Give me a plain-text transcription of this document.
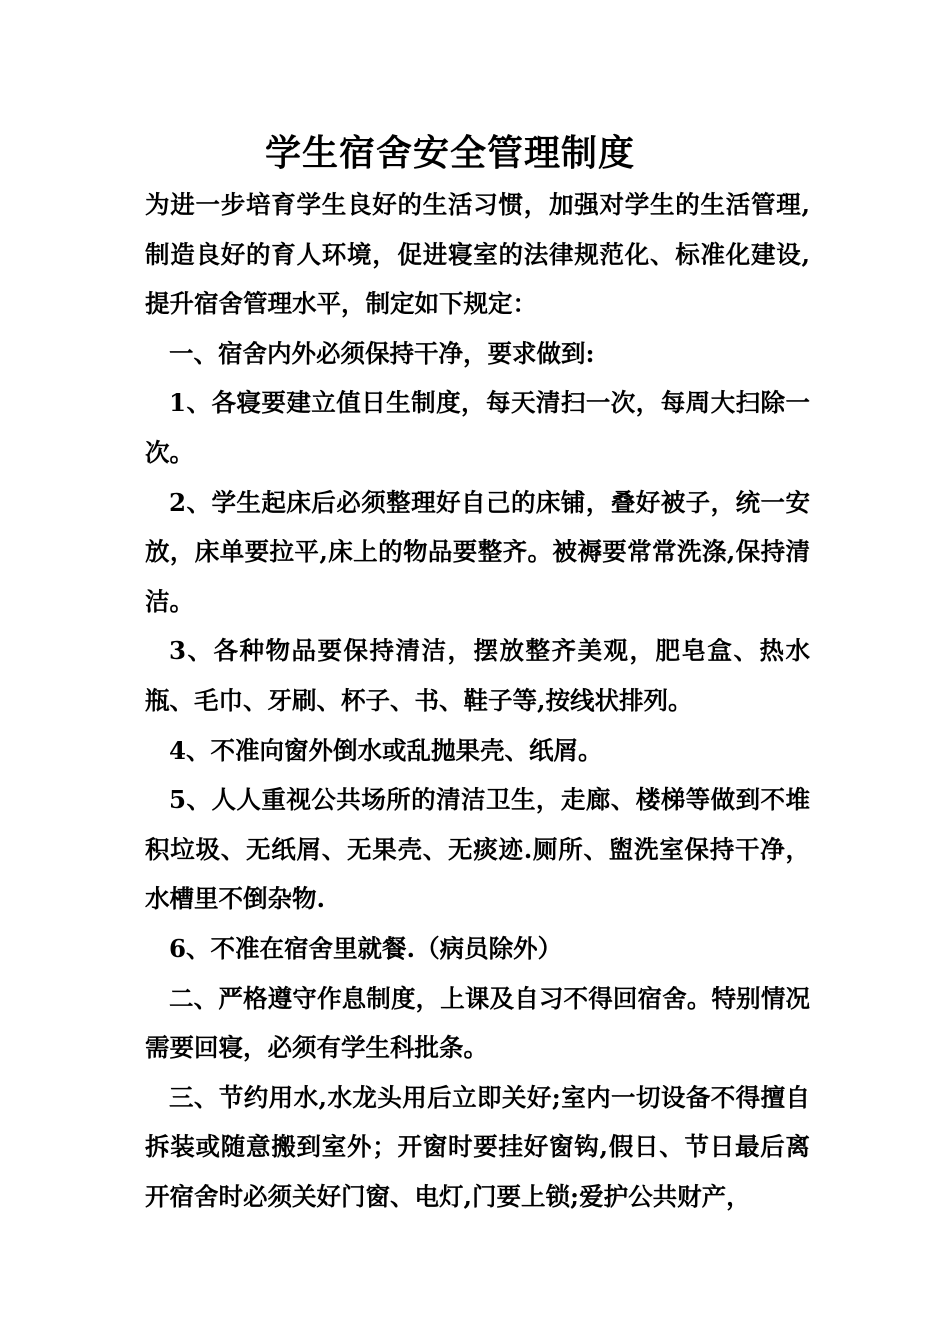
学生宿舍安全管理制度

为进一步培育学生良好的生活习惯，加强对学生的生活管理,制造良好的育人环境，促进寝室的法律规范化、标准化建设,提升宿舍管理水平，制定如下规定：

一、宿舍内外必须保持干净，要求做到:

1、各寝要建立值日生制度，每天清扫一次，每周大扫除一次。

2、学生起床后必须整理好自己的床铺，叠好被子，统一安放，床单要拉平,床上的物品要整齐。被褥要常常洗涤,保持清洁。

3、各种物品要保持清洁，摆放整齐美观，肥皂盒、热水瓶、毛巾、牙刷、杯子、书、鞋子等,按线状排列。

4、不准向窗外倒水或乱抛果壳、纸屑。

5、人人重视公共场所的清洁卫生，走廊、楼梯等做到不堆积垃圾、无纸屑、无果壳、无痰迹.厕所、盥洗室保持干净，水槽里不倒杂物.

6、不准在宿舍里就餐.（病员除外）

二、严格遵守作息制度，上课及自习不得回宿舍。特别情况需要回寝，必须有学生科批条。

三、节约用水,水龙头用后立即关好;室内一切设备不得擅自拆装或随意搬到室外；开窗时要挂好窗钩,假日、节日最后离开宿舍时必须关好门窗、电灯,门要上锁;爱护公共财产，
